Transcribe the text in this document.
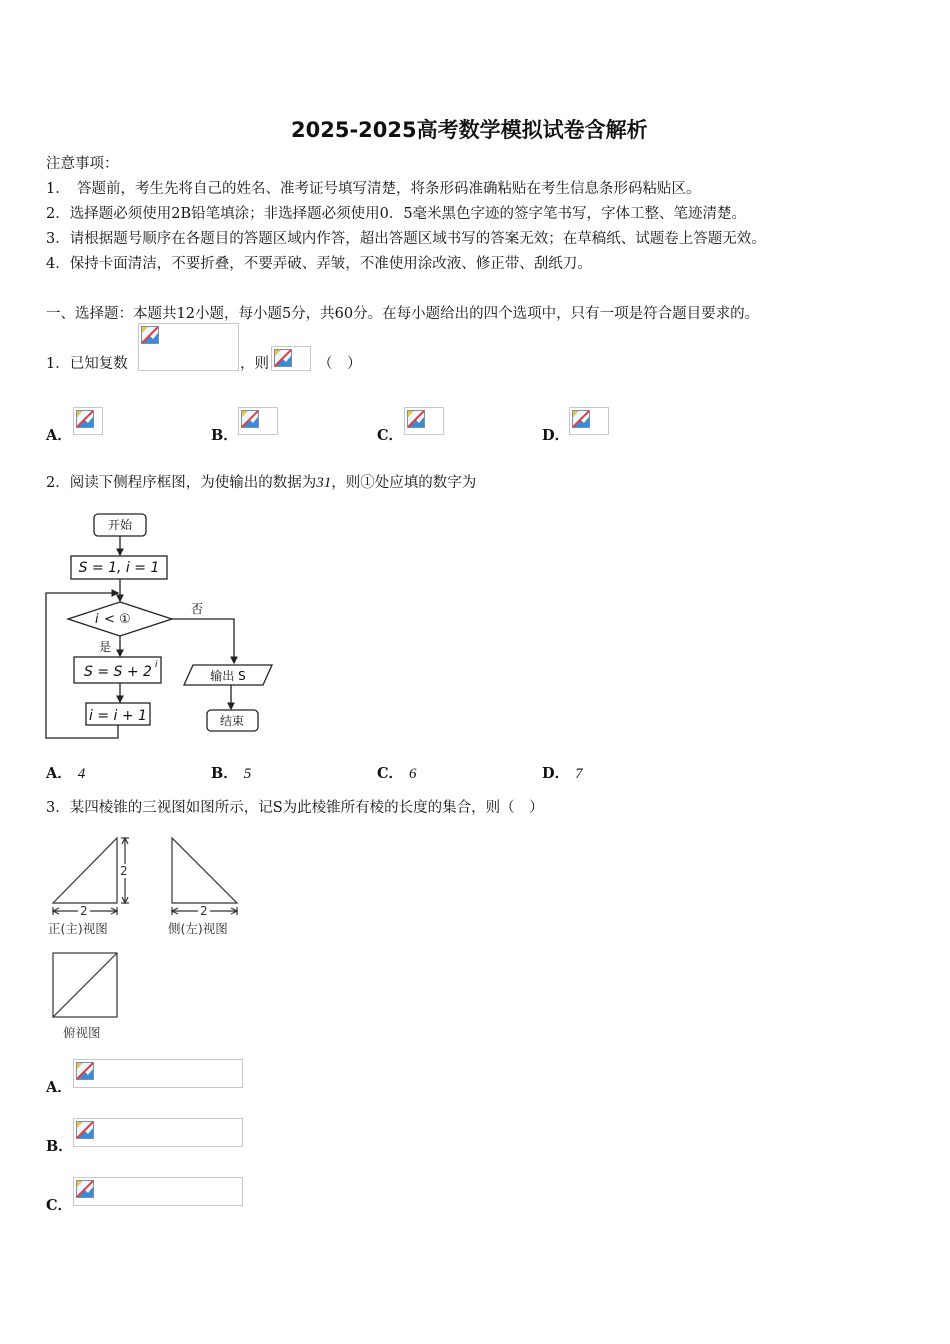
2025-2025高考数学模拟试卷含解析
注意事项：
1．　答题前，考生先将自己的姓名、准考证号填写清楚，将条形码准确粘贴在考生信息条形码粘贴区。
2．选择题必须使用2B铅笔填涂；非选择题必须使用0．5毫米黑色字迹的签字笔书写，字体工整、笔迹清楚。
3．请根据题号顺序在各题目的答题区域内作答，超出答题区域书写的答案无效；在草稿纸、试题卷上答题无效。
4．保持卡面清洁，不要折叠，不要弄破、弄皱，不准使用涂改液、修正带、刮纸刀。
一、选择题：本题共12小题，每小题5分，共60分。在每小题给出的四个选项中，只有一项是符合题目要求的。
1．已知复数	，则	（　）
A．	B．	C．	D．
2．阅读下侧程序框图，为使输出的数据为31，则①处应填的数字为
开始
S = 1, i = 1
i < ①
否
是
S = S + 2 i
i = i + 1
输出 S
结束
A． 4	B． 5	C． 6	D． 7
3．某四棱锥的三视图如图所示，记S为此棱锥所有棱的长度的集合，则（　）
2
2	2
正(主)视图	侧(左)视图
俯视图
A．
B．
C．
